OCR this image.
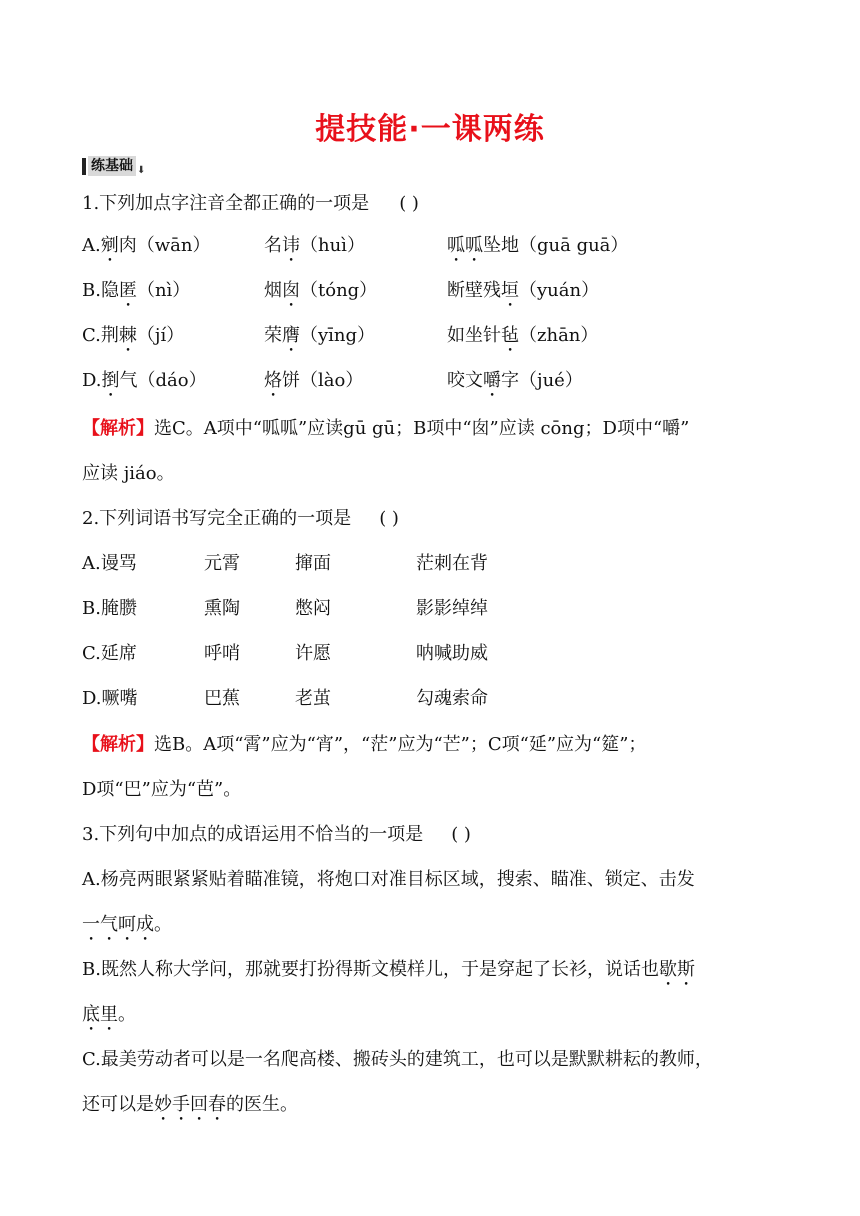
提技能·一课两练
练基础 ⬇
1.下列加点字注音全都正确的一项是 ( )
A.剜肉（wān）	名讳（huì）	呱呱坠地（guā guā）
B.隐匿（nì）	烟囱（tóng）	断壁残垣（yuán）
C.荆棘（jí）	荣膺（yīng）	如坐针毡（zhān）
D.捯气（dáo）	烙饼（lào）	咬文嚼字（jué）
【解析】选C。A项中“呱呱”应读gū gū；B项中“囱”应读 cōng；D项中“嚼”
应读 jiáo。
2.下列词语书写完全正确的一项是 ( )
A.谩骂	元霄	撺面	茫刺在背
B.腌臜	熏陶	憋闷	影影绰绰
C.延席	呼哨	许愿	呐喊助威
D.噘嘴	巴蕉	老茧	勾魂索命
【解析】选B。A项“霄”应为“宵”，“茫”应为“芒”；C项“延”应为“筵”；
D项“巴”应为“芭”。
3.下列句中加点的成语运用不恰当的一项是 ( )
A.杨亮两眼紧紧贴着瞄准镜，将炮口对准目标区域，搜索、瞄准、锁定、击发
一气呵成。
B.既然人称大学问，那就要打扮得斯文模样儿，于是穿起了长衫，说话也歇斯
底里。
C.最美劳动者可以是一名爬高楼、搬砖头的建筑工，也可以是默默耕耘的教师，
还可以是妙手回春的医生。
